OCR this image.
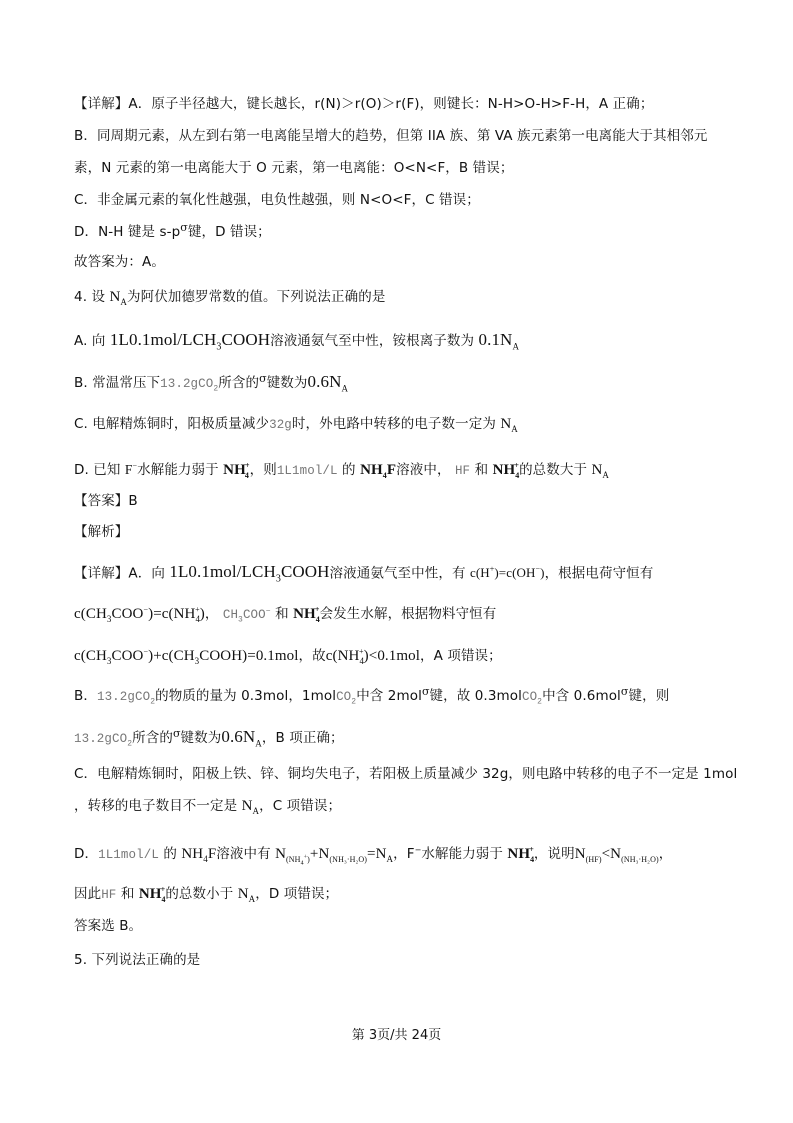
【详解】A．原子半径越大，键长越长，r(N)＞r(O)＞r(F)，则键长：N-H>O-H>F-H，A 正确；
B．同周期元素，从左到右第一电离能呈增大的趋势，但第 IIA 族、第 VA 族元素第一电离能大于其相邻元
素，N 元素的第一电离能大于 O 元素，第一电离能：O<N<F，B 错误；
C．非金属元素的氧化性越强，电负性越强，则 N<O<F，C 错误；
D．N-H 键是 $s-p^\sigma$键，D 错误；
故答案为：A。
4. 设 $N_A$为阿伏加德罗常数的值。下列说法正确的是
A. 向 $1L0.1mol/LCH_3COOH$溶液通氨气至中性，铵根离子数为 $0.1N_A$
B. 常温常压下13.2gCO$_2$所含的$^\sigma$键数为$0.6N_A$
C. 电解精炼铜时，阳极质量减少32g时，外电路中转移的电子数一定为 $N_A$
D. 已知 F−水解能力弱于 $NH_4^+$，则1L1mol/L 的 $NH_4F$溶液中， HF 和 $NH_4^+$的总数大于 $N_A$
【答案】B
【解析】
【详解】A．向 $1L0.1mol/LCH_3COOH$溶液通氨气至中性，有 c(H+)=c(OH−)，根据电荷守恒有
$c(CH_3COO^-)=c(NH_4^+)$， $CH_3COO^-$ 和 $NH_4^+$会发生水解，根据物料守恒有
$c(CH_3COO^-)+c(CH_3COOH)=0.1mol$，故$c(NH_4^+)<0.1mol$，A 项错误；
B．13.2gCO$_2$的物质的量为 0.3mol，1molCO$_2$中含 2mol$^\sigma$键，故 0.3molCO$_2$中含 0.6mol$^\sigma$键，则
13.2gCO$_2$所含的$^\sigma$键数为$0.6N_A$，B 项正确；
C．电解精炼铜时，阳极上铁、锌、铜均失电子，若阳极上质量减少 32g，则电路中转移的电子不一定是 1mol
，转移的电子数目不一定是 $N_A$，C 项错误；
D．1L1mol/L 的 $NH_4F$溶液中有 $N_{(NH_4^+)}+N_{(NH_3\cdot H_2O)}=N_A$，F−水解能力弱于 $NH_4^+$，说明$N_{(HF)}<N_{(NH_3\cdot H_2O)}$，
因此HF 和 $NH_4^+$的总数小于 $N_A$，D 项错误；
答案选 B。
5. 下列说法正确的是
第 3页/共 24页
